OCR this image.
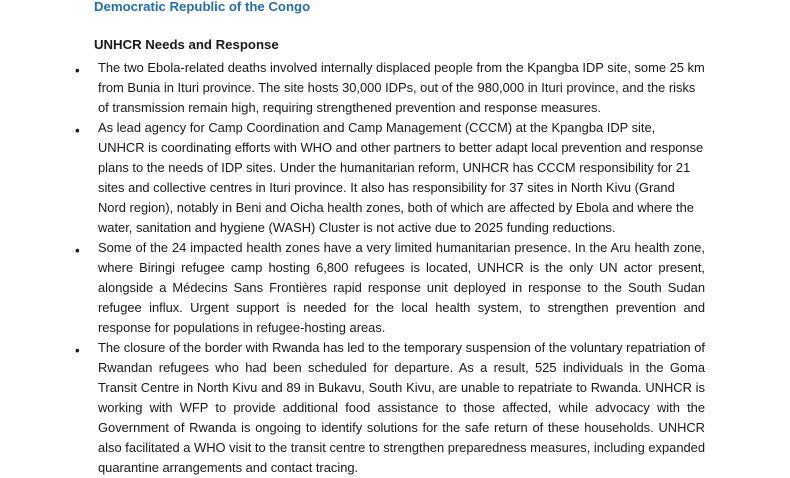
Democratic Republic of the Congo
UNHCR Needs and Response
• The two Ebola-related deaths involved internally displaced people from the Kpangba IDP site, some 25 km from Bunia in Ituri province. The site hosts 30,000 IDPs, out of the 980,000 in Ituri province, and the risks of transmission remain high, requiring strengthened prevention and response measures.
• As lead agency for Camp Coordination and Camp Management (CCCM) at the Kpangba IDP site, UNHCR is coordinating efforts with WHO and other partners to better adapt local prevention and response plans to the needs of IDP sites. Under the humanitarian reform, UNHCR has CCCM responsibility for 21 sites and collective centres in Ituri province. It also has responsibility for 37 sites in North Kivu (Grand Nord region), notably in Beni and Oicha health zones, both of which are affected by Ebola and where the water, sanitation and hygiene (WASH) Cluster is not active due to 2025 funding reductions.
• Some of the 24 impacted health zones have a very limited humanitarian presence. In the Aru health zone, where Biringi refugee camp hosting 6,800 refugees is located, UNHCR is the only UN actor present, alongside a Médecins Sans Frontières rapid response unit deployed in response to the South Sudan refugee influx. Urgent support is needed for the local health system, to strengthen prevention and response for populations in refugee-hosting areas.
• The closure of the border with Rwanda has led to the temporary suspension of the voluntary repatriation of Rwandan refugees who had been scheduled for departure. As a result, 525 individuals in the Goma Transit Centre in North Kivu and 89 in Bukavu, South Kivu, are unable to repatriate to Rwanda. UNHCR is working with WFP to provide additional food assistance to those affected, while advocacy with the Government of Rwanda is ongoing to identify solutions for the safe return of these households. UNHCR also facilitated a WHO visit to the transit centre to strengthen preparedness measures, including expanded quarantine arrangements and contact tracing.
